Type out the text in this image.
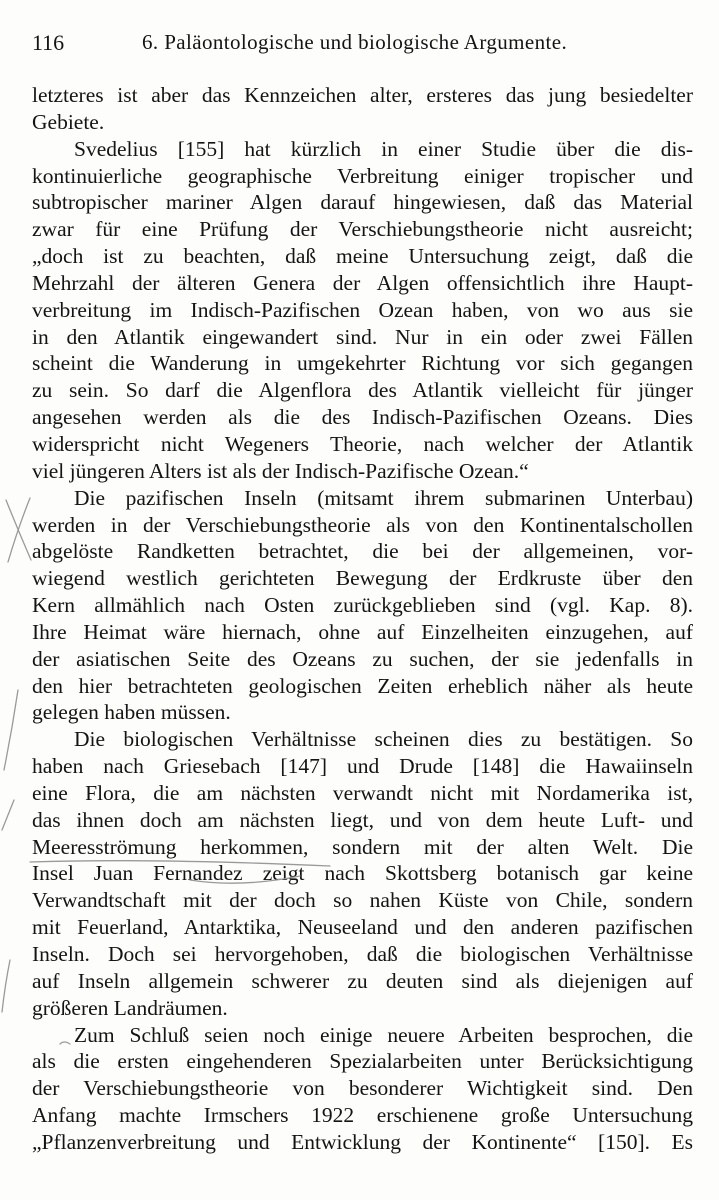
116	6. Paläontologische und biologische Argumente.
letzteres ist aber das Kennzeichen alter, ersteres das jung besiedelter
Gebiete.
Svedelius [155] hat kürzlich in einer Studie über die dis-
kontinuierliche geographische Verbreitung einiger tropischer und
subtropischer mariner Algen darauf hingewiesen, daß das Material
zwar für eine Prüfung der Verschiebungstheorie nicht ausreicht;
„doch ist zu beachten, daß meine Untersuchung zeigt, daß die
Mehrzahl der älteren Genera der Algen offensichtlich ihre Haupt-
verbreitung im Indisch-Pazifischen Ozean haben, von wo aus sie
in den Atlantik eingewandert sind. Nur in ein oder zwei Fällen
scheint die Wanderung in umgekehrter Richtung vor sich gegangen
zu sein. So darf die Algenflora des Atlantik vielleicht für jünger
angesehen werden als die des Indisch-Pazifischen Ozeans. Dies
widerspricht nicht Wegeners Theorie, nach welcher der Atlantik
viel jüngeren Alters ist als der Indisch-Pazifische Ozean.“
Die pazifischen Inseln (mitsamt ihrem submarinen Unterbau)
werden in der Verschiebungstheorie als von den Kontinentalschollen
abgelöste Randketten betrachtet, die bei der allgemeinen, vor-
wiegend westlich gerichteten Bewegung der Erdkruste über den
Kern allmählich nach Osten zurückgeblieben sind (vgl. Kap. 8).
Ihre Heimat wäre hiernach, ohne auf Einzelheiten einzugehen, auf
der asiatischen Seite des Ozeans zu suchen, der sie jedenfalls in
den hier betrachteten geologischen Zeiten erheblich näher als heute
gelegen haben müssen.
Die biologischen Verhältnisse scheinen dies zu bestätigen. So
haben nach Griesebach [147] und Drude [148] die Hawaiinseln
eine Flora, die am nächsten verwandt nicht mit Nordamerika ist,
das ihnen doch am nächsten liegt, und von dem heute Luft- und
Meeresströmung herkommen, sondern mit der alten Welt. Die
Insel Juan Fernandez zeigt nach Skottsberg botanisch gar keine
Verwandtschaft mit der doch so nahen Küste von Chile, sondern
mit Feuerland, Antarktika, Neuseeland und den anderen pazifischen
Inseln. Doch sei hervorgehoben, daß die biologischen Verhältnisse
auf Inseln allgemein schwerer zu deuten sind als diejenigen auf
größeren Landräumen.
Zum Schluß seien noch einige neuere Arbeiten besprochen, die
als die ersten eingehenderen Spezialarbeiten unter Berücksichtigung
der Verschiebungstheorie von besonderer Wichtigkeit sind. Den
Anfang machte Irmschers 1922 erschienene große Untersuchung
„Pflanzenverbreitung und Entwicklung der Kontinente“ [150]. Es
